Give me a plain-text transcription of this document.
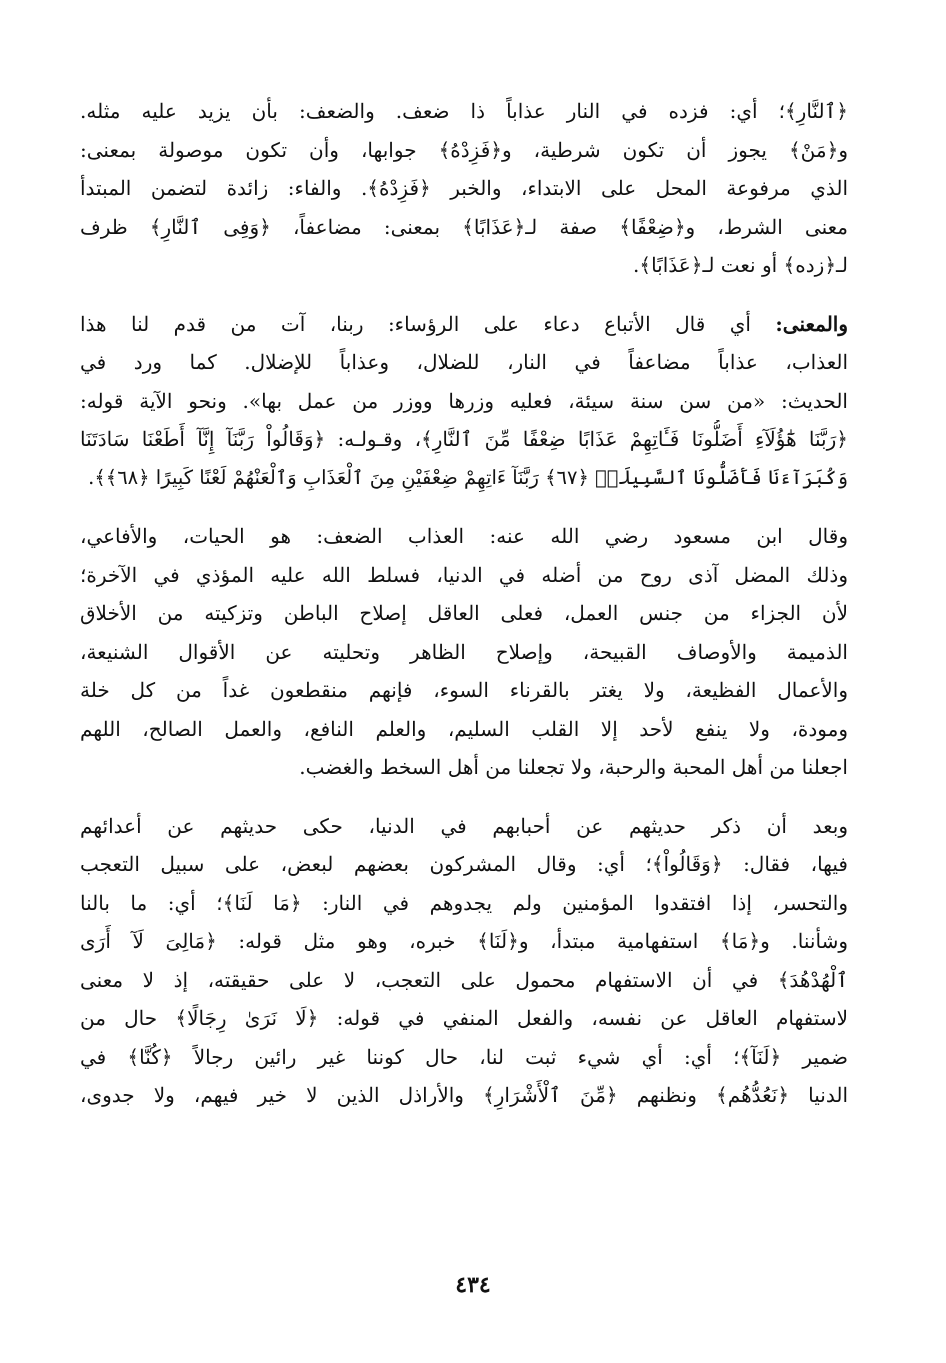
﴿ٱلنَّارِ﴾؛ أي: فزده في النار عذاباً ذا ضعف. والضعف: بأن يزيد عليه مثله.

و﴿مَنْ﴾ يجوز أن تكون شرطية، و﴿فَزِدْهُ﴾ جوابها، وأن تكون موصولة بمعنى:

الذي مرفوعة المحل على الابتداء، والخبر ﴿فَزِدْهُ﴾. والفاء: زائدة لتضمن المبتدأ

معنى الشرط، و﴿ضِعْفًا﴾ صفة لـ﴿عَذَابًا﴾ بمعنى: مضاعفاً، ﴿وَفِى ٱلنَّارِ﴾ ظرف

لـ﴿زده﴾ أو نعت لـ﴿عَذَابًا﴾.

والمعنى: أي قال الأتباع دعاء على الرؤساء: ربنا، آت من قدم لنا هذا

العذاب، عذاباً مضاعفاً في النار، للضلال، وعذاباً للإضلال. كما ورد في

الحديث: «من سن سنة سيئة، فعليه وزرها ووزر من عمل بها». ونحو الآية قوله:

﴿رَبَّنَا هَٰٓؤُلَآءِ أَضَلُّونَا فَـَٔاتِهِمْ عَذَابًا ضِعْفًا مِّنَ ٱلنَّارِ﴾، وقـولـه: ﴿وَقَالُواْ رَبَّنَآ إِنَّآ أَطَعْنَا سَادَتَنَا

وَكُبَرَآءَنَا فَأَضَلُّونَا ٱلسَّبِيلَا۠ ﴿٦٧﴾ رَبَّنَآ ءَاتِهِمْ ضِعْفَيْنِ مِنَ ٱلْعَذَابِ وَٱلْعَنْهُمْ لَعْنًا كَبِيرًا ﴿٦٨﴾﴾.

وقال ابن مسعود رضي الله عنه: العذاب الضعف: هو الحيات، والأفاعي،

وذلك المضل آذى روح من أضله في الدنيا، فسلط الله عليه المؤذي في الآخرة؛

لأن الجزاء من جنس العمل، فعلى العاقل إصلاح الباطن وتزكيته من الأخلاق

الذميمة والأوصاف القبيحة، وإصلاح الظاهر وتحليته عن الأقوال الشنيعة،

والأعمال الفظيعة، ولا يغتر بالقرناء السوء، فإنهم منقطعون غداً من كل خلة

ومودة، ولا ينفع لأحد إلا القلب السليم، والعلم النافع، والعمل الصالح، اللهم

اجعلنا من أهل المحبة والرحبة، ولا تجعلنا من أهل السخط والغضب.

وبعد أن ذكر حديثهم عن أحبابهم في الدنيا، حكى حديثهم عن أعدائهم

فيها، فقال: ﴿وَقَالُواْ﴾؛ أي: وقال المشركون بعضهم لبعض، على سبيل التعجب

والتحسر، إذا افتقدوا المؤمنين ولم يجدوهم في النار: ﴿مَا لَنَا﴾؛ أي: ما بالنا

وشأننا. و﴿مَا﴾ استفهامية مبتدأ، و﴿لَنَا﴾ خبره، وهو مثل قوله: ﴿مَالِىَ لَآ أَرَى

ٱلْهُدْهُدَ﴾ في أن الاستفهام محمول على التعجب، لا على حقيقته، إذ لا معنى

لاستفهام العاقل عن نفسه، والفعل المنفي في قوله: ﴿لَا نَرَىٰ رِجَالًا﴾ حال من

ضمير ﴿لَنَآ﴾؛ أي: أي شيء ثبت لنا، حال كوننا غير رائين رجالاً ﴿كُنَّا﴾ في

الدنيا ﴿نَعُدُّهُم﴾ ونظنهم ﴿مِّنَ ٱلْأَشْرَارِ﴾ والأراذل الذين لا خير فيهم، ولا جدوى،

٤٣٤
